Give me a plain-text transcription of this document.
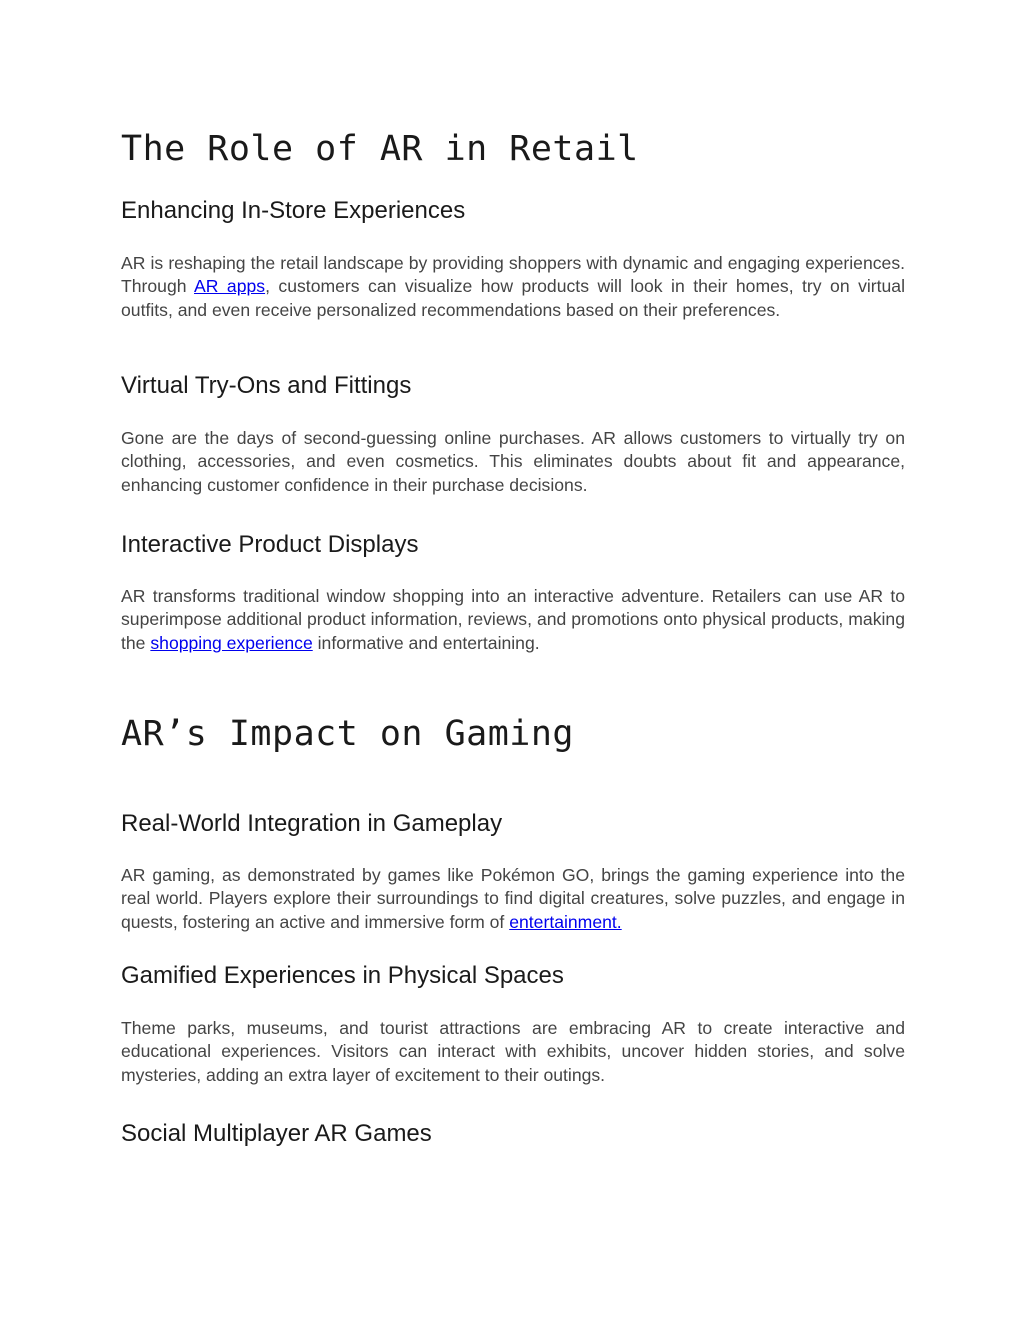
The Role of AR in Retail
Enhancing In-Store Experiences

AR is reshaping the retail landscape by providing shoppers with dynamic and engaging experiences. Through AR apps, customers can visualize how products will look in their homes, try on virtual outfits, and even receive personalized recommendations based on their preferences.

Virtual Try-Ons and Fittings

Gone are the days of second-guessing online purchases. AR allows customers to virtually try on clothing, accessories, and even cosmetics. This eliminates doubts about fit and appearance, enhancing customer confidence in their purchase decisions.

Interactive Product Displays

AR transforms traditional window shopping into an interactive adventure. Retailers can use AR to superimpose additional product information, reviews, and promotions onto physical products, making the shopping experience informative and entertaining.

AR’s Impact on Gaming
Real-World Integration in Gameplay

AR gaming, as demonstrated by games like Pokémon GO, brings the gaming experience into the real world. Players explore their surroundings to find digital creatures, solve puzzles, and engage in quests, fostering an active and immersive form of entertainment.

Gamified Experiences in Physical Spaces

Theme parks, museums, and tourist attractions are embracing AR to create interactive and educational experiences. Visitors can interact with exhibits, uncover hidden stories, and solve mysteries, adding an extra layer of excitement to their outings.

Social Multiplayer AR Games
